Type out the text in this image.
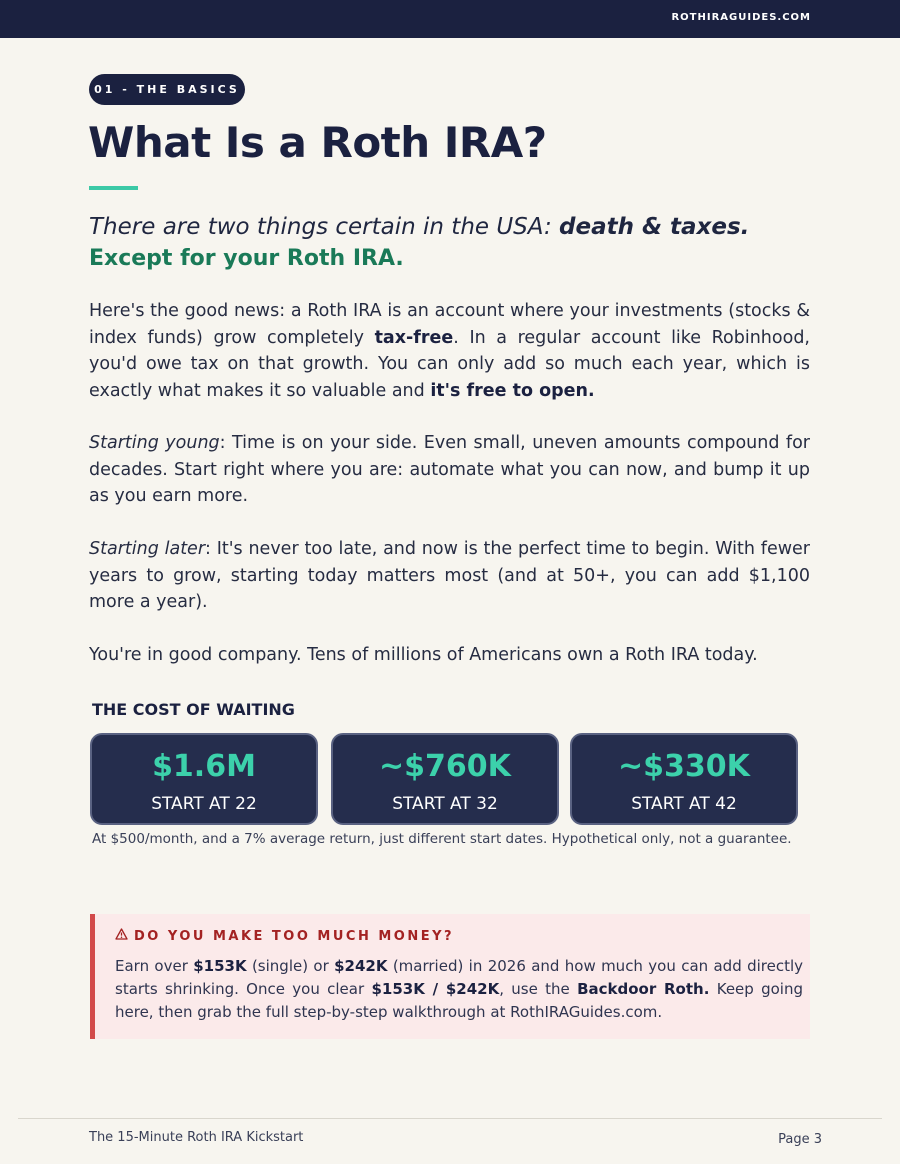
ROTHIRAGUIDES.COM
01 - THE BASICS
What Is a Roth IRA?

There are two things certain in the USA: death & taxes.

Except for your Roth IRA.

Here's the good news: a Roth IRA is an account where your investments (stocks & index funds) grow completely tax-free. In a regular account like Robinhood, you'd owe tax on that growth. You can only add so much each year, which is exactly what makes it so valuable and it's free to open.

Starting young: Time is on your side. Even small, uneven amounts compound for decades. Start right where you are: automate what you can now, and bump it up as you earn more.

Starting later: It's never too late, and now is the perfect time to begin. With fewer years to grow, starting today matters most (and at 50+, you can add $1,100 more a year).

You're in good company. Tens of millions of Americans own a Roth IRA today.

THE COST OF WAITING
$1.6M
START AT 22
~$760K
START AT 32
~$330K
START AT 42
At $500/month, and a 7% average return, just different start dates. Hypothetical only, not a guarantee.
DO YOU MAKE TOO MUCH MONEY?

Earn over $153K (single) or $242K (married) in 2026 and how much you can add directly starts shrinking. Once you clear $153K / $242K, use the Backdoor Roth. Keep going here, then grab the full step-by-step walkthrough at RothIRAGuides.com.

The 15-Minute Roth IRA Kickstart	Page 3
